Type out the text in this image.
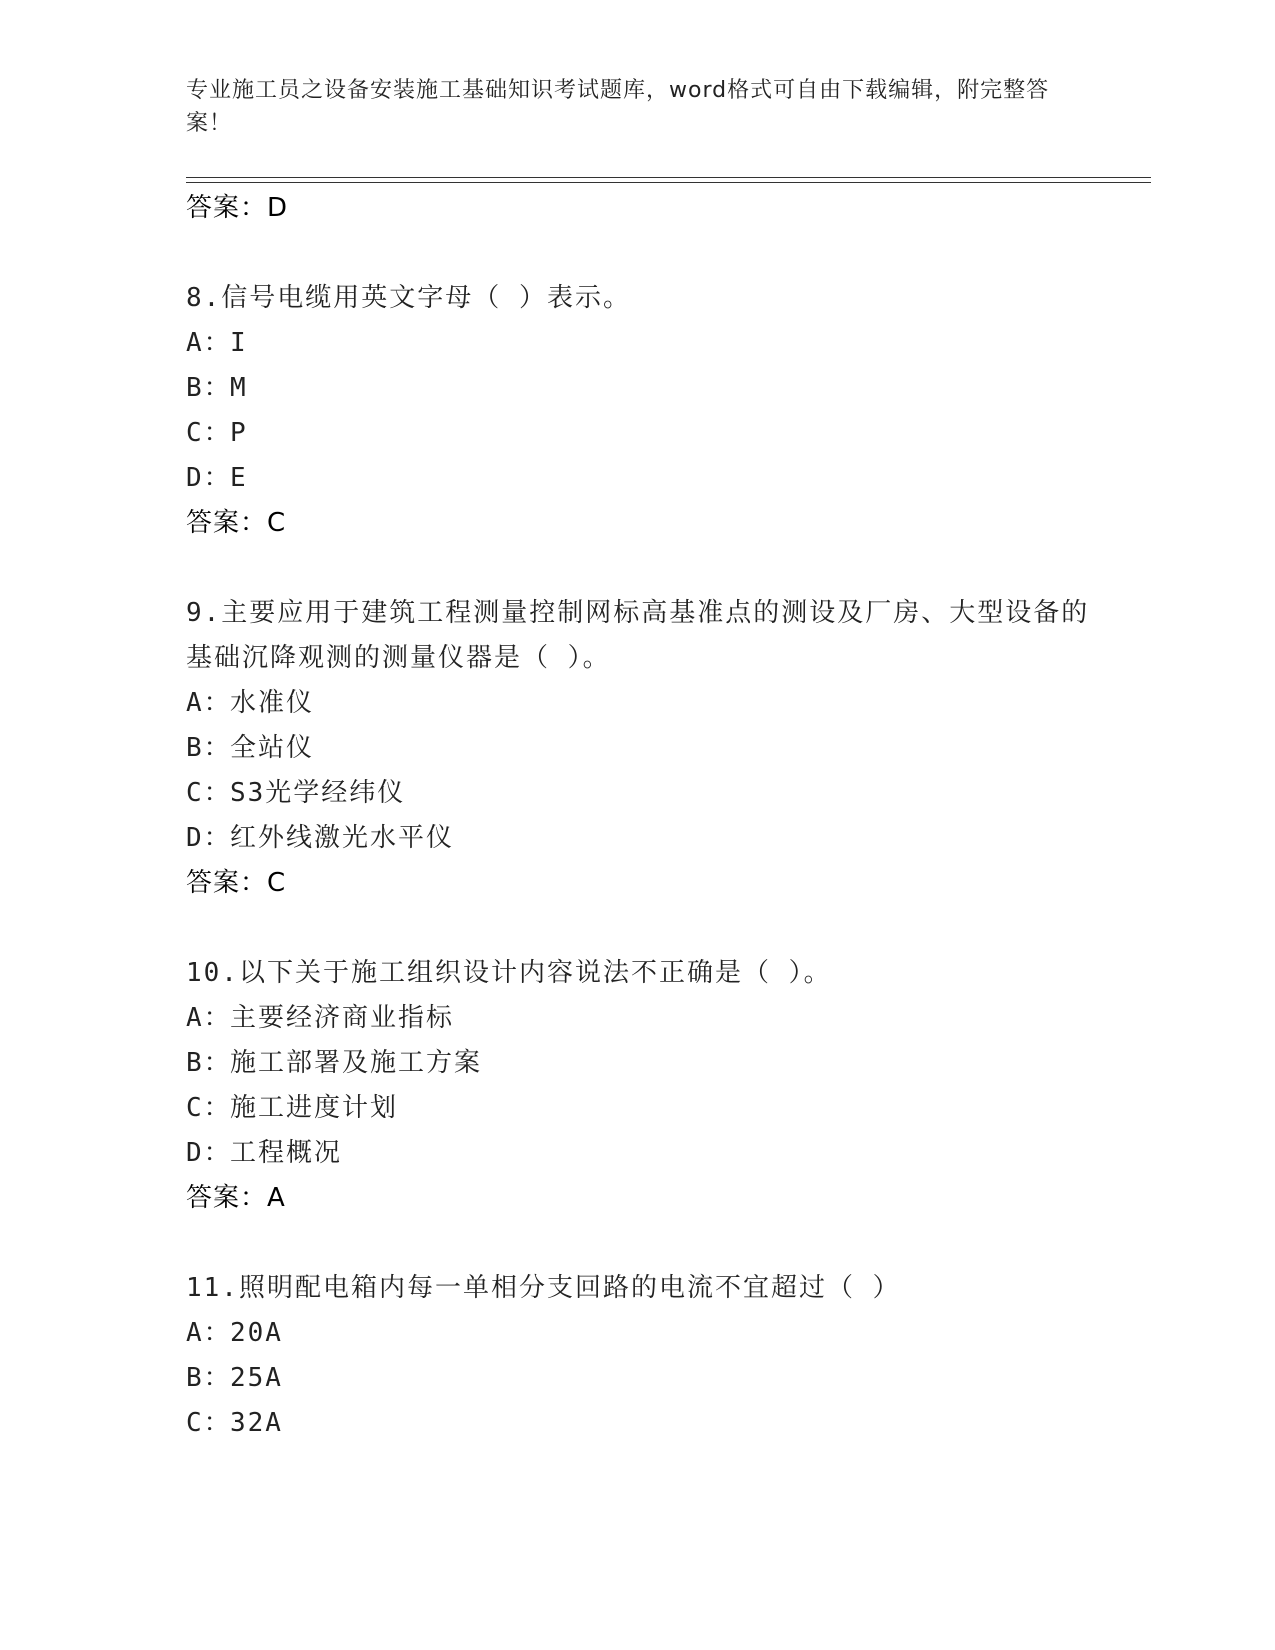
专业施工员之设备安装施工基础知识考试题库，word格式可自由下载编辑，附完整答案！
答案：D
8.信号电缆用英文字母（ ）表示。
A：I
B：M
C：P
D：E
答案：C
9.主要应用于建筑工程测量控制网标高基准点的测设及厂房、大型设备的基础沉降观测的测量仪器是（ ）。
A：水准仪
B：全站仪
C：S3光学经纬仪
D：红外线激光水平仪
答案：C
10.以下关于施工组织设计内容说法不正确是（ ）。
A：主要经济商业指标
B：施工部署及施工方案
C：施工进度计划
D：工程概况
答案：A
11.照明配电箱内每一单相分支回路的电流不宜超过（ ）
A：20A
B：25A
C：32A
